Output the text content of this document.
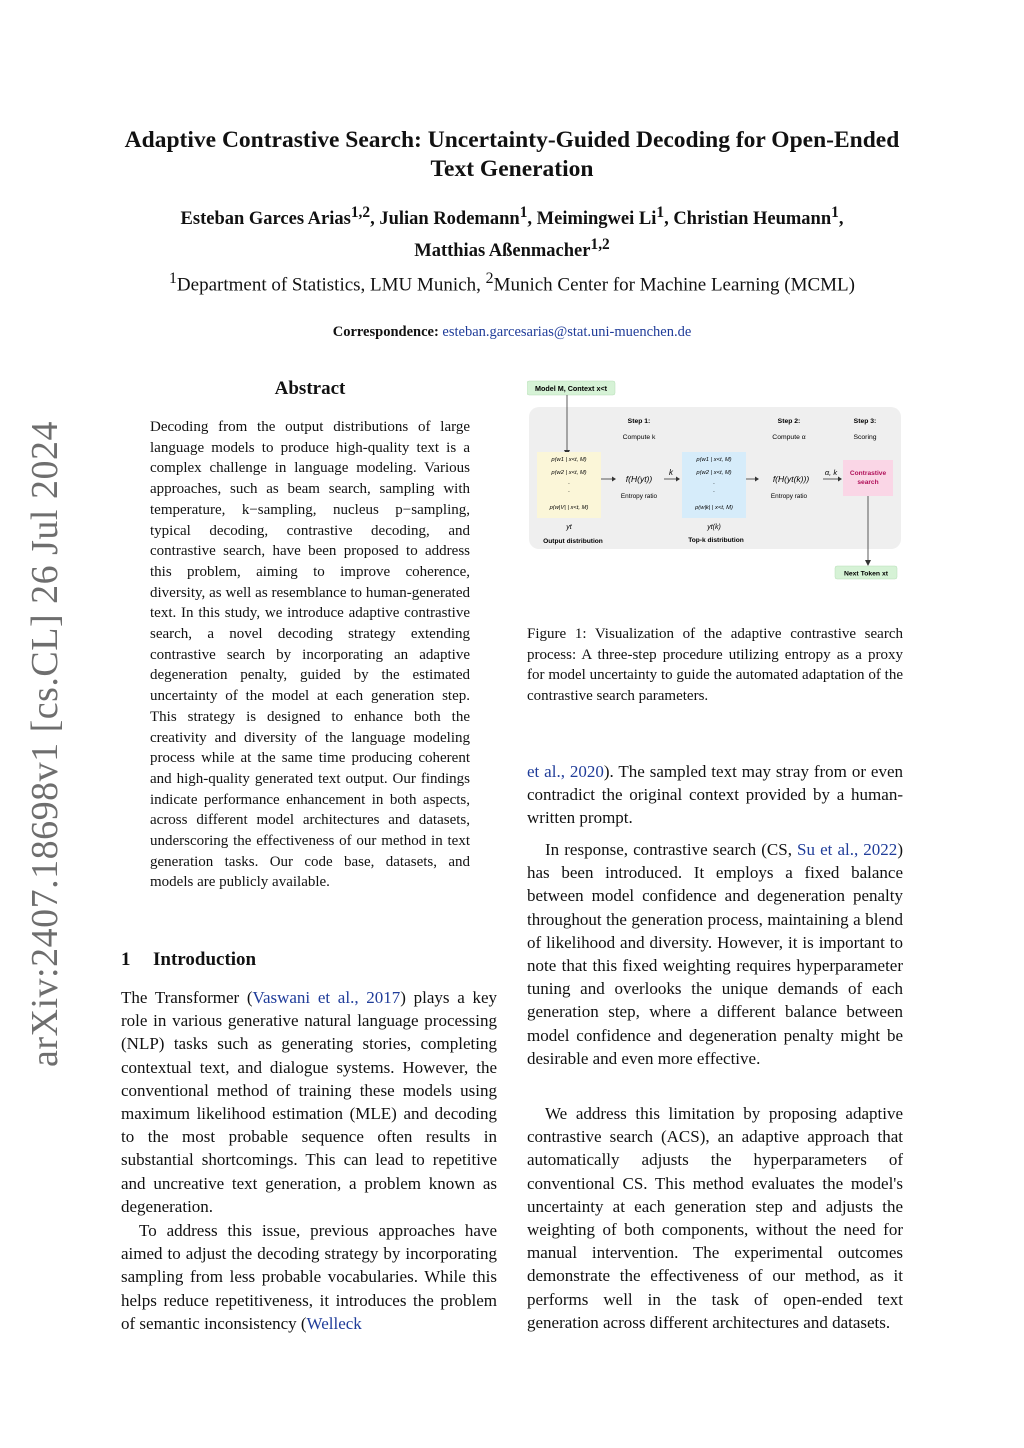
arXiv:2407.18698v1 [cs.CL] 26 Jul 2024
Adaptive Contrastive Search: Uncertainty-Guided Decoding for Open-Ended Text Generation
Esteban Garces Arias$^{1,2}$, Julian Rodemann$^1$, Meimingwei Li$^1$, Christian Heumann$^1$,
Matthias Aßenmacher$^{1,2}$
$^1$Department of Statistics, LMU Munich, $^2$Munich Center for Machine Learning (MCML)
Correspondence: esteban.garcesarias@stat.uni-muenchen.de
Abstract
Decoding from the output distributions of large language models to produce high-quality text is a complex challenge in language modeling. Various approaches, such as beam search, sampling with temperature, k−sampling, nucleus p−sampling, typical decoding, contrastive decoding, and contrastive search, have been proposed to address this problem, aiming to improve coherence, diversity, as well as resemblance to human-generated text. In this study, we introduce adaptive contrastive search, a novel decoding strategy extending contrastive search by incorporating an adaptive degeneration penalty, guided by the estimated uncertainty of the model at each generation step. This strategy is designed to enhance both the creativity and diversity of the language modeling process while at the same time producing coherent and high-quality generated text output. Our findings indicate performance enhancement in both aspects, across different model architectures and datasets, underscoring the effectiveness of our method in text generation tasks. Our code base, datasets, and models are publicly available.
1 Introduction
The Transformer (Vaswani et al., 2017) plays a key role in various generative natural language processing (NLP) tasks such as generating stories, completing contextual text, and dialogue systems. However, the conventional method of training these models using maximum likelihood estimation (MLE) and decoding to the most probable sequence often results in substantial shortcomings. This can lead to repetitive and uncreative text generation, a problem known as degeneration.
To address this issue, previous approaches have aimed to adjust the decoding strategy by incorporating sampling from less probable vocabularies. While this helps reduce repetitiveness, it introduces the problem of semantic inconsistency (Welleck
Model M, Context x<t
Step 1:
Compute k
Step 2:
Compute α
Step 3:
Scoring
p(w1 | x<t, M)
p(w2 | x<t, M)
.
.
p(w|V| | x<t, M)
yt
Output distribution
f(H(yt))
Entropy ratio
k
p(w1 | x<t, M)
p(w2 | x<t, M)
.
.
p(w|k| | x<t, M)
yt(k)
Top-k distribution
f(H(yt(k)))
Entropy ratio
α, k Contrastive
search
Next Token xt
Figure 1: Visualization of the adaptive contrastive search process: A three-step procedure utilizing entropy as a proxy for model uncertainty to guide the automated adaptation of the contrastive search parameters.
et al., 2020). The sampled text may stray from or even contradict the original context provided by a human-written prompt.
In response, contrastive search (CS, Su et al., 2022) has been introduced. It employs a fixed balance between model confidence and degeneration penalty throughout the generation process, maintaining a blend of likelihood and diversity. However, it is important to note that this fixed weighting requires hyperparameter tuning and overlooks the unique demands of each generation step, where a different balance between model confidence and degeneration penalty might be desirable and even more effective.
We address this limitation by proposing adaptive contrastive search (ACS), an adaptive approach that automatically adjusts the hyperparameters of conventional CS. This method evaluates the model's uncertainty at each generation step and adjusts the weighting of both components, without the need for manual intervention. The experimental outcomes demonstrate the effectiveness of our method, as it performs well in the task of open-ended text generation across different architectures and datasets.
